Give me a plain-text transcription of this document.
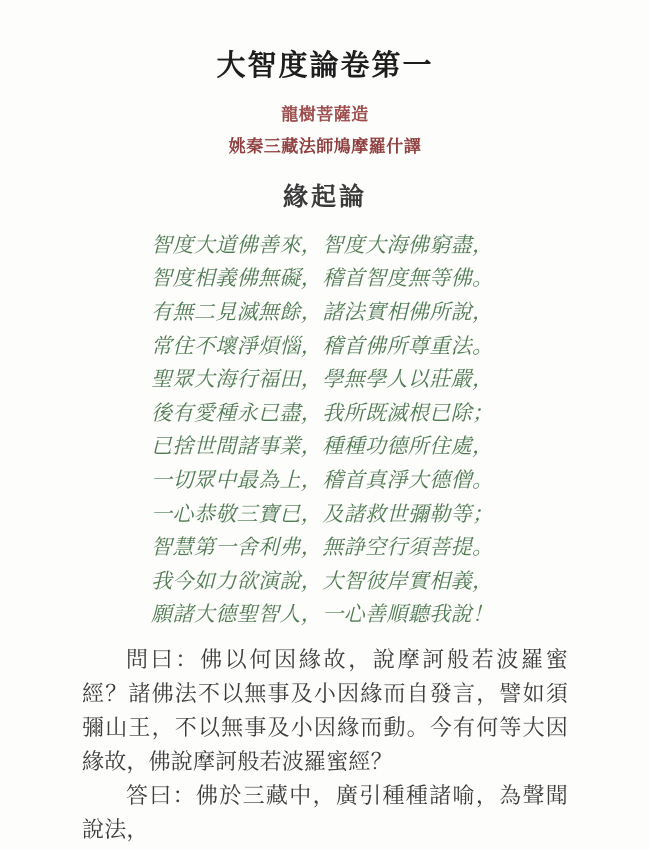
大智度論卷第一

龍樹菩薩造

姚秦三藏法師鳩摩羅什譯

緣起論

智度大道佛善來，智度大海佛窮盡，

智度相義佛無礙，稽首智度無等佛。

有無二見滅無餘，諸法實相佛所說，

常住不壞淨煩惱，稽首佛所尊重法。

聖眾大海行福田，學無學人以莊嚴，

後有愛種永已盡，我所既滅根已除；

已捨世間諸事業，種種功德所住處，

一切眾中最為上，稽首真淨大德僧。

一心恭敬三寶已，及諸救世彌勒等；

智慧第一舍利弗，無諍空行須菩提。

我今如力欲演說，大智彼岸實相義，

願諸大德聖智人，一心善順聽我說！

問曰：佛以何因緣故，說摩訶般若波羅蜜經？諸佛法不以無事及小因緣而自發言，譬如須彌山王，不以無事及小因緣而動。今有何等大因緣故，佛說摩訶般若波羅蜜經？

答曰：佛於三藏中，廣引種種諸喻，為聲聞說法，
